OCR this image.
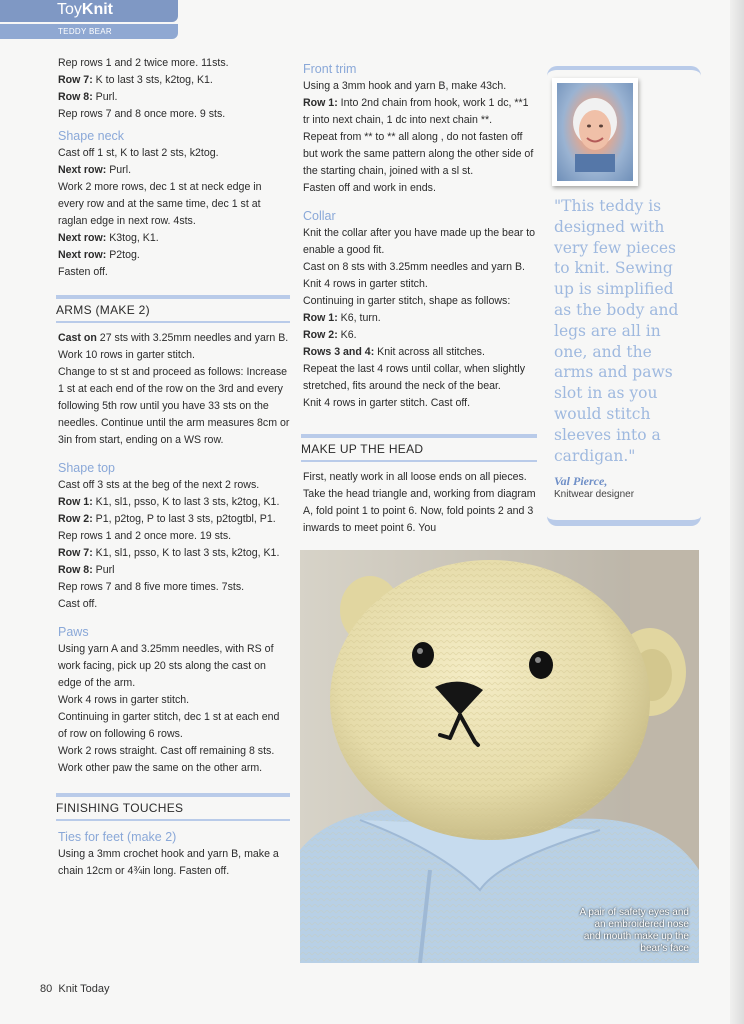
ToyKnit
TEDDY BEAR

Rep rows 1 and 2 twice more. 11sts.

Row 7: K to last 3 sts, k2tog, K1.

Row 8: Purl.

Rep rows 7 and 8 once more. 9 sts.

Shape neck

Cast off 1 st, K to last 2 sts, k2tog.

Next row: Purl.

Work 2 more rows, dec 1 st at neck edge in every row and at the same time, dec 1 st at raglan edge in next row. 4sts.

Next row: K3tog, K1.

Next row: P2tog.

Fasten off.

ARMS (MAKE 2)

Cast on 27 sts with 3.25mm needles and yarn B.

Work 10 rows in garter stitch.

Change to st st and proceed as follows: Increase 1 st at each end of the row on the 3rd and every following 5th row until you have 33 sts on the needles. Continue until the arm measures 8cm or 3in from start, ending on a WS row.

Shape top

Cast off 3 sts at the beg of the next 2 rows.

Row 1: K1, sl1, psso, K to last 3 sts, k2tog, K1.

Row 2: P1, p2tog, P to last 3 sts, p2togtbl, P1.

Rep rows 1 and 2 once more. 19 sts.

Row 7: K1, sl1, psso, K to last 3 sts, k2tog, K1.

Row 8: Purl

Rep rows 7 and 8 five more times. 7sts.

Cast off.

Paws

Using yarn A and 3.25mm needles, with RS of work facing, pick up 20 sts along the cast on edge of the arm.

Work 4 rows in garter stitch.

Continuing in garter stitch, dec 1 st at each end of row on following 6 rows.

Work 2 rows straight. Cast off remaining 8 sts.

Work other paw the same on the other arm.

FINISHING TOUCHES
Ties for feet (make 2)

Using a 3mm crochet hook and yarn B, make a chain 12cm or 4¾in long. Fasten off.

Front trim

Using a 3mm hook and yarn B, make 43ch.

Row 1: Into 2nd chain from hook, work 1 dc, **1 tr into next chain, 1 dc into next chain **.

Repeat from ** to ** all along , do not fasten off but work the same pattern along the other side of the starting chain, joined with a sl st.

Fasten off and work in ends.

Collar

Knit the collar after you have made up the bear to enable a good fit.

Cast on 8 sts with 3.25mm needles and yarn B.

Knit 4 rows in garter stitch.

Continuing in garter stitch, shape as follows:

Row 1: K6, turn.

Row 2: K6.

Rows 3 and 4: Knit across all stitches.

Repeat the last 4 rows until collar, when slightly stretched, fits around the neck of the bear.

Knit 4 rows in garter stitch. Cast off.

MAKE UP THE HEAD

First, neatly work in all loose ends on all pieces. Take the head triangle and, working from diagram A, fold point 1 to point 6. Now, fold points 2 and 3 inwards to meet point 6. You

"This teddy is designed with very few pieces to knit. Sewing up is simplified as the body and legs are all in one, and the arms and paws slot in as you would stitch sleeves into a cardigan."
Val Pierce,
Knitwear designer
A pair of safety eyes and an embroidered nose and mouth make up the bear's face
80 Knit Today
